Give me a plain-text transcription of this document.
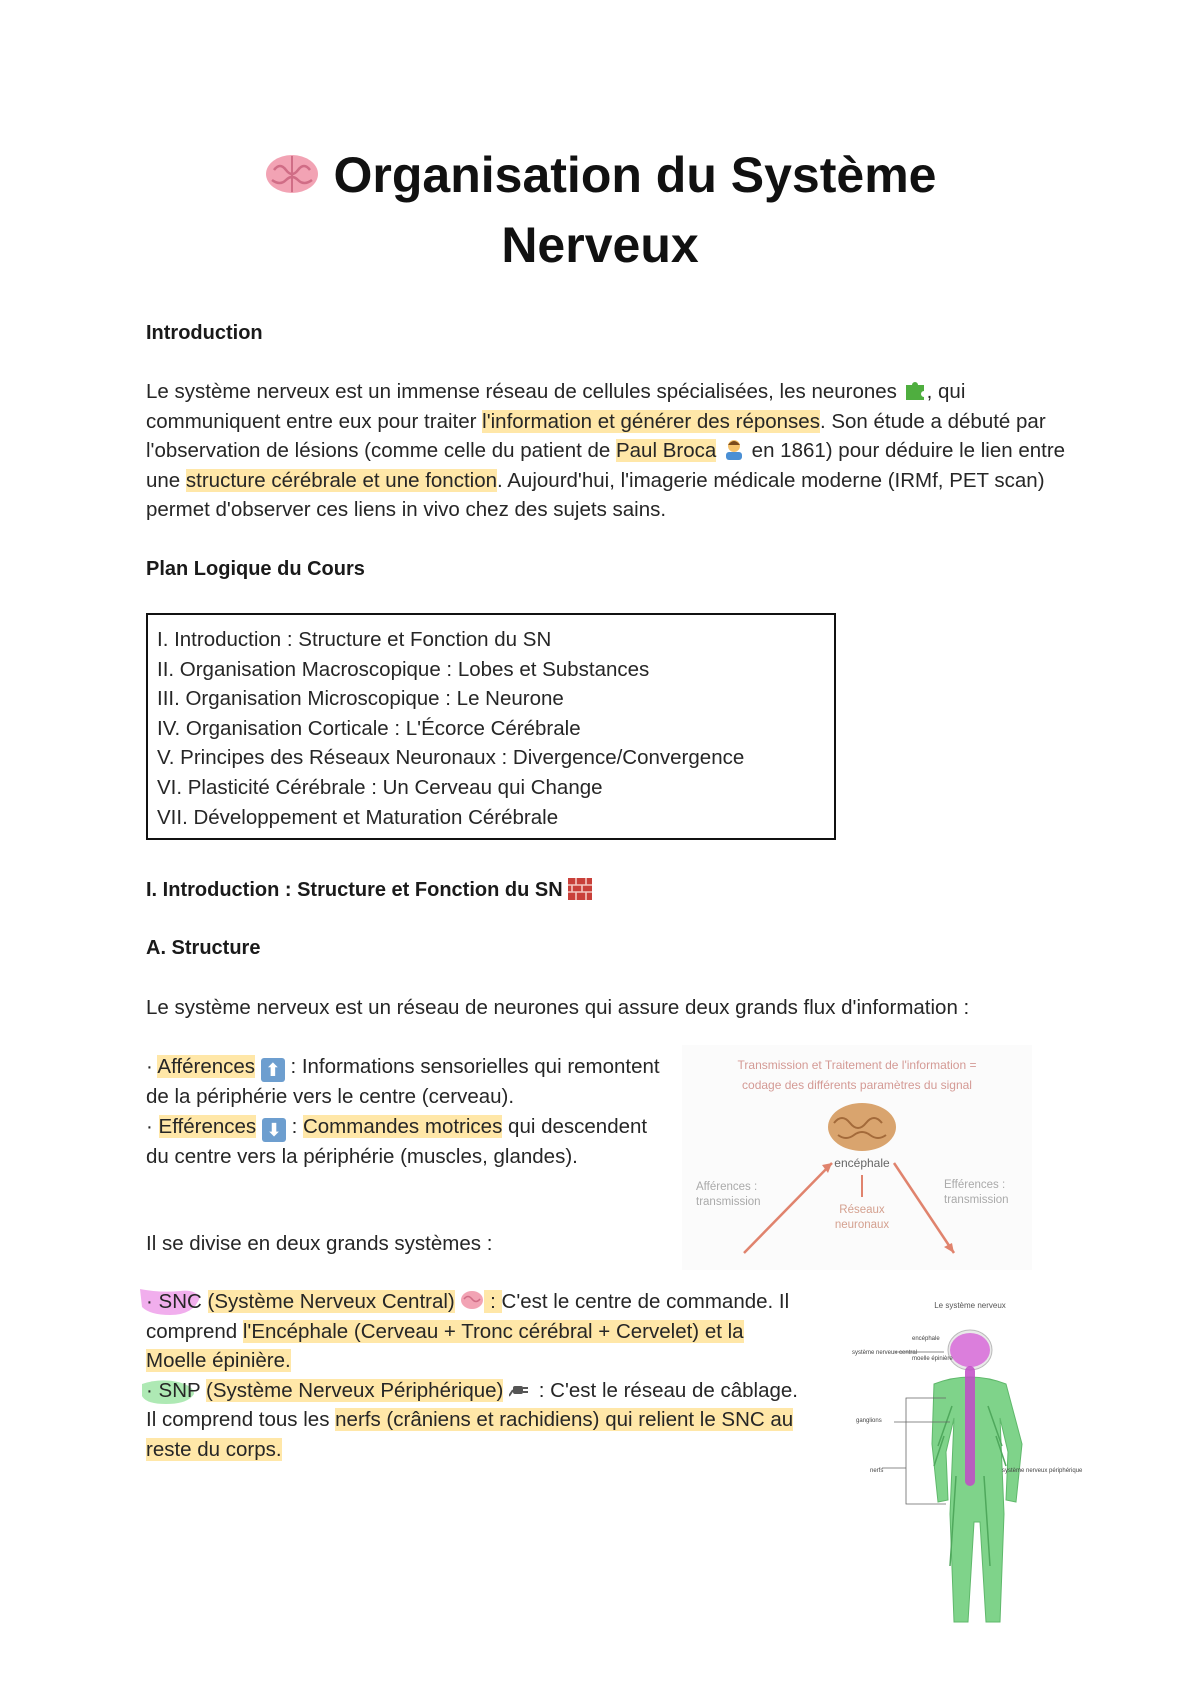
Organisation du Système
Nerveux
Introduction
Le système nerveux est un immense réseau de cellules spécialisées, les neurones , qui communiquent entre eux pour traiter l'information et générer des réponses. Son étude a débuté par l'observation de lésions (comme celle du patient de Paul Broca  en 1861) pour déduire le lien entre une structure cérébrale et une fonction. Aujourd'hui, l'imagerie médicale moderne (IRMf, PET scan) permet d'observer ces liens in vivo chez des sujets sains.
Plan Logique du Cours
I. Introduction : Structure et Fonction du SN
II. Organisation Macroscopique : Lobes et Substances
III. Organisation Microscopique : Le Neurone
IV. Organisation Corticale : L'Écorce Cérébrale
V. Principes des Réseaux Neuronaux : Divergence/Convergence
VI. Plasticité Cérébrale : Un Cerveau qui Change
VII. Développement et Maturation Cérébrale
I. Introduction : Structure et Fonction du SN
A. Structure
Le système nerveux est un réseau de neurones qui assure deux grands flux d'information :
· Afférences ⬆ : Informations sensorielles qui remontent de la périphérie vers le centre (cerveau).
· Efférences ⬇ : Commandes motrices qui descendent du centre vers la périphérie (muscles, glandes).
Il se divise en deux grands systèmes :
· SNC (Système Nerveux Central)  : C'est le centre de commande. Il comprend l'Encéphale (Cerveau + Tronc cérébral + Cervelet) et la Moelle épinière.
· SNP (Système Nerveux Périphérique)  : C'est le réseau de câblage. Il comprend tous les nerfs (crâniens et rachidiens) qui relient le SNC au reste du corps.
Transmission et Traitement de l'information =
codage des différents paramètres du signal
encéphale
Afférences :
transmission
Efférences :
transmission
Réseaux
neuronaux
Le système nerveux
système nerveux central
encéphale
moelle épinière
ganglions
nerfs	système nerveux périphérique
